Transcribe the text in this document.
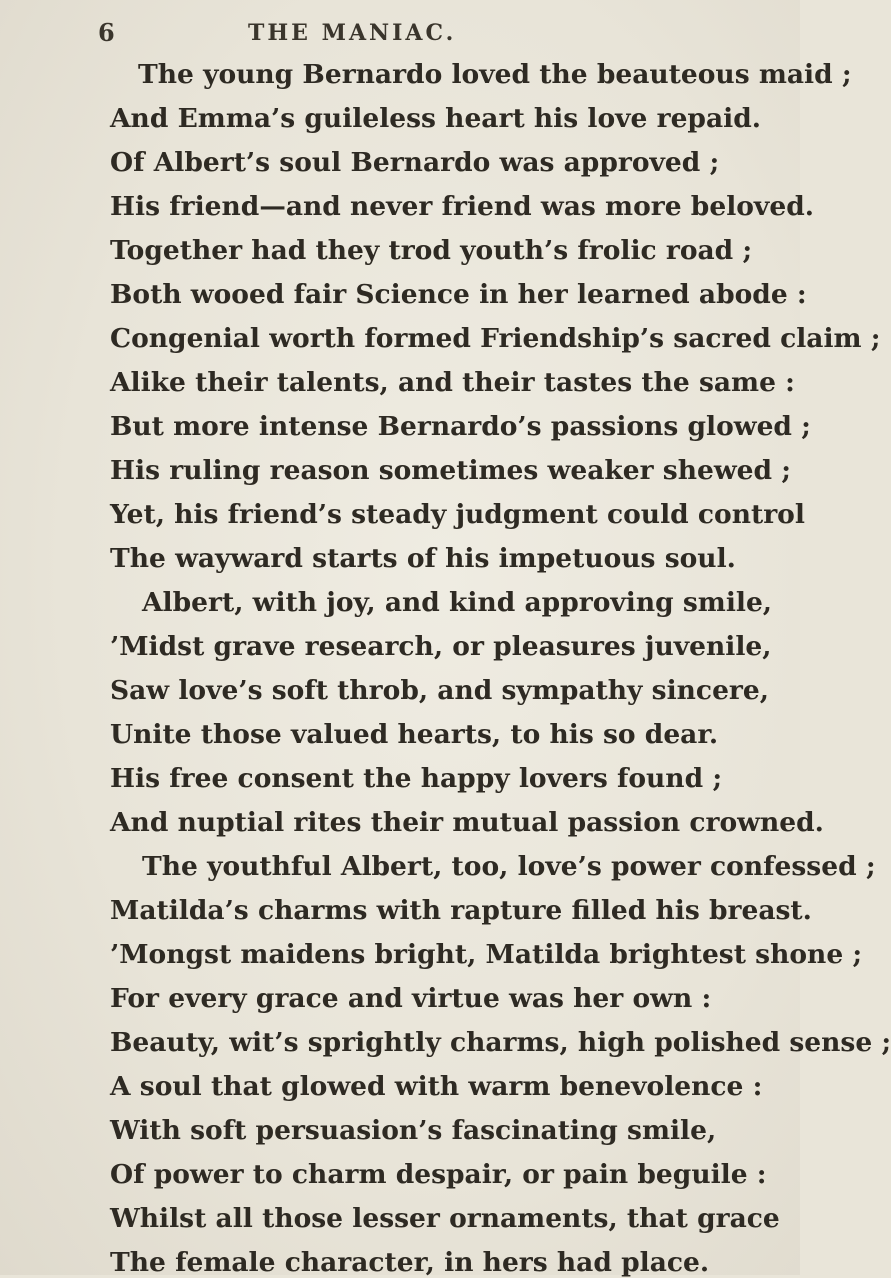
6	THE MANIAC.
The young Bernardo loved the beauteous maid ;
And Emma’s guileless heart his love repaid.
Of Albert’s soul Bernardo was approved ;
His friend—and never friend was more beloved.
Together had they trod youth’s frolic road ;
Both wooed fair Science in her learned abode :
Congenial worth formed Friendship’s sacred claim ;
Alike their talents, and their tastes the same :
But more intense Bernardo’s passions glowed ;
His ruling reason sometimes weaker shewed ;
Yet, his friend’s steady judgment could control
The wayward starts of his impetuous soul.
Albert, with joy, and kind approving smile,
’Midst grave research, or pleasures juvenile,
Saw love’s soft throb, and sympathy sincere,
Unite those valued hearts, to his so dear.
His free consent the happy lovers found ;
And nuptial rites their mutual passion crowned.
The youthful Albert, too, love’s power confessed ;
Matilda’s charms with rapture filled his breast.
’Mongst maidens bright, Matilda brightest shone ;
For every grace and virtue was her own :
Beauty, wit’s sprightly charms, high polished sense ;
A soul that glowed with warm benevolence :
With soft persuasion’s fascinating smile,
Of power to charm despair, or pain beguile :
Whilst all those lesser ornaments, that grace
The female character, in hers had place.
